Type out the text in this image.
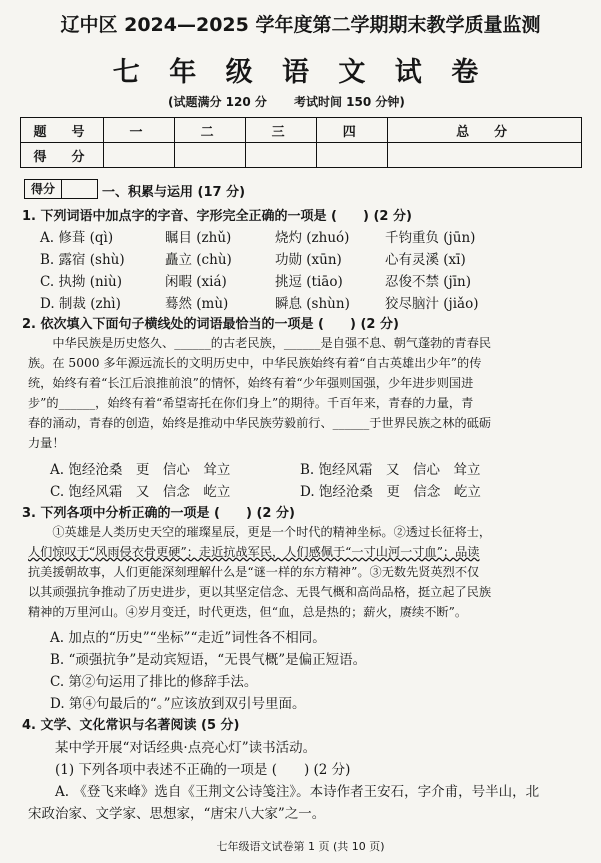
辽中区 2024—2025 学年度第二学期期末教学质量监测
七 年 级 语 文 试 卷
(试题满分 120 分 考试时间 150 分钟)
题　号	一	二	三	四	总　分
得　分					
得分	一、积累与运用 (17 分)
1. 下列词语中加点字的字音、字形完全正确的一项是 (　　) (2 分)
A. 修葺 (qì)	瞩目 (zhǔ)	烧灼 (zhuó)	千钧重负 (jūn)
B. 露宿 (shù)	矗立 (chù)	功勋 (xūn)	心有灵溪 (xī)
C. 执拗 (niù)	闲暇 (xiá)	挑逗 (tiāo)	忍俊不禁 (jīn)
D. 制裁 (zhì)	蓦然 (mù)	瞬息 (shùn)	狡尽脑汁 (jiǎo)
2. 依次填入下面句子横线处的词语最恰当的一项是 (　　) (2 分)
　　中华民族是历史悠久、______的古老民族，______是自强不息、朝气蓬勃的青春民
族。在 5000 多年源远流长的文明历史中，中华民族始终有着“自古英雄出少年”的传
统，始终有着“长江后浪推前浪”的情怀，始终有着“少年强则国强，少年进步则国进
步”的______，始终有着“希望寄托在你们身上”的期待。千百年来，青春的力量，青
春的涌动，青春的创造，始终是推动中华民族劳毅前行、______于世界民族之林的砥砺
力量！
A. 饱经沧桑　更　信心　耸立	B. 饱经风霜　又　信心　耸立
C. 饱经风霜　又　信念　屹立	D. 饱经沧桑　更　信念　屹立
3. 下列各项中分析正确的一项是 (　　) (2 分)
　　①英雄是人类历史天空的璀璨星辰，更是一个时代的精神坐标。②透过长征将士，
人们惊叹于“风雨侵衣骨更硬”；走近抗战军民，人们感佩于“一寸山河一寸血”；品读
抗美援朝故事，人们更能深刻理解什么是“谜一样的东方精神”。③无数先贤英烈不仅
以其顽强抗争推动了历史进步，更以其坚定信念、无畏气概和高尚品格，挺立起了民族
精神的万里河山。④岁月变迁，时代更迭，但“血，总是热的；薪火，赓续不断”。
A. 加点的“历史”“坐标”“走近”词性各不相同。
B. “顽强抗争”是动宾短语，“无畏气概”是偏正短语。
C. 第②句运用了排比的修辞手法。
D. 第④句最后的“。”应该放到双引号里面。
4. 文学、文化常识与名著阅读 (5 分)
　　某中学开展“对话经典·点亮心灯”读书活动。
　　(1) 下列各项中表述不正确的一项是 (　　) (2 分)
　　A. 《登飞来峰》选自《王荆文公诗笺注》。本诗作者王安石，字介甫，号半山，北
宋政治家、文学家、思想家，“唐宋八大家”之一。
七年级语文试卷第 1 页 (共 10 页)
